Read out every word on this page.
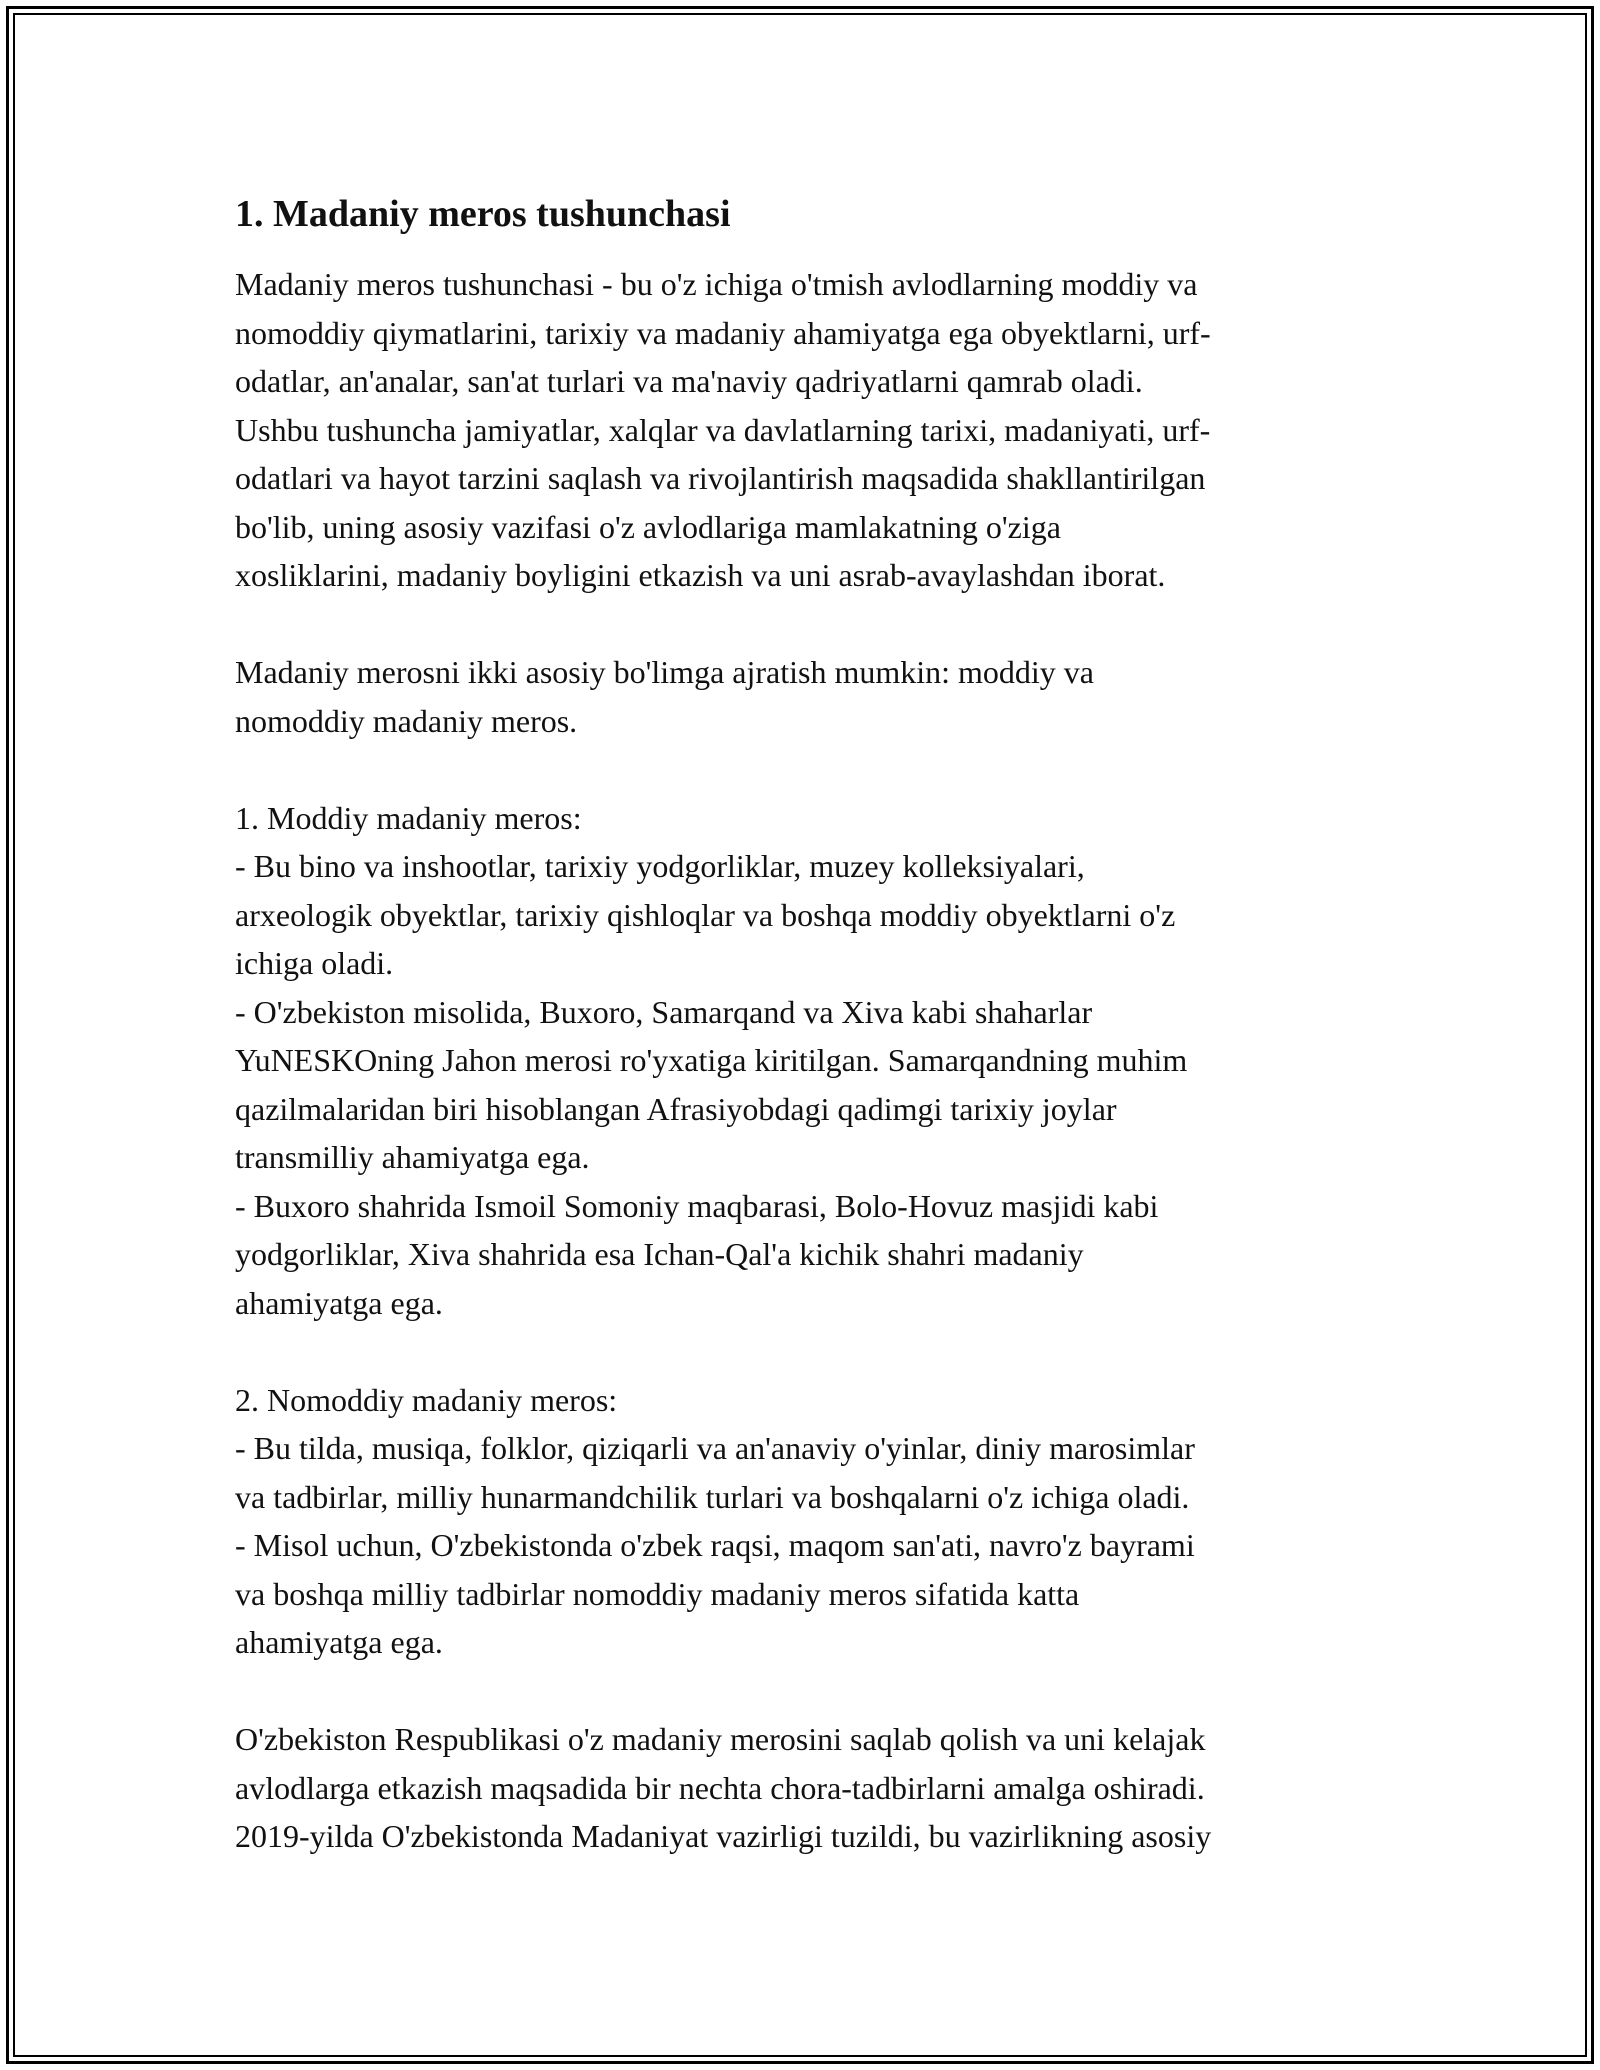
1. Madaniy meros tushunchasi

Madaniy meros tushunchasi - bu o'z ichiga o'tmish avlodlarning moddiy va
nomoddiy qiymatlarini, tarixiy va madaniy ahamiyatga ega obyektlarni, urf-
odatlar, an'analar, san'at turlari va ma'naviy qadriyatlarni qamrab oladi.
Ushbu tushuncha jamiyatlar, xalqlar va davlatlarning tarixi, madaniyati, urf-
odatlari va hayot tarzini saqlash va rivojlantirish maqsadida shakllantirilgan
bo'lib, uning asosiy vazifasi o'z avlodlariga mamlakatning o'ziga
xosliklarini, madaniy boyligini etkazish va uni asrab-avaylashdan iborat.

Madaniy merosni ikki asosiy bo'limga ajratish mumkin: moddiy va
nomoddiy madaniy meros.

1. Moddiy madaniy meros:

- Bu bino va inshootlar, tarixiy yodgorliklar, muzey kolleksiyalari,
arxeologik obyektlar, tarixiy qishloqlar va boshqa moddiy obyektlarni o'z
ichiga oladi.

- O'zbekiston misolida, Buxoro, Samarqand va Xiva kabi shaharlar
YuNESKOning Jahon merosi ro'yxatiga kiritilgan. Samarqandning muhim
qazilmalaridan biri hisoblangan Afrasiyobdagi qadimgi tarixiy joylar
transmilliy ahamiyatga ega.

- Buxoro shahrida Ismoil Somoniy maqbarasi, Bolo-Hovuz masjidi kabi
yodgorliklar, Xiva shahrida esa Ichan-Qal'a kichik shahri madaniy
ahamiyatga ega.

2. Nomoddiy madaniy meros:

- Bu tilda, musiqa, folklor, qiziqarli va an'anaviy o'yinlar, diniy marosimlar
va tadbirlar, milliy hunarmandchilik turlari va boshqalarni o'z ichiga oladi.

- Misol uchun, O'zbekistonda o'zbek raqsi, maqom san'ati, navro'z bayrami
va boshqa milliy tadbirlar nomoddiy madaniy meros sifatida katta
ahamiyatga ega.

O'zbekiston Respublikasi o'z madaniy merosini saqlab qolish va uni kelajak
avlodlarga etkazish maqsadida bir nechta chora-tadbirlarni amalga oshiradi.
2019-yilda O'zbekistonda Madaniyat vazirligi tuzildi, bu vazirlikning asosiy
